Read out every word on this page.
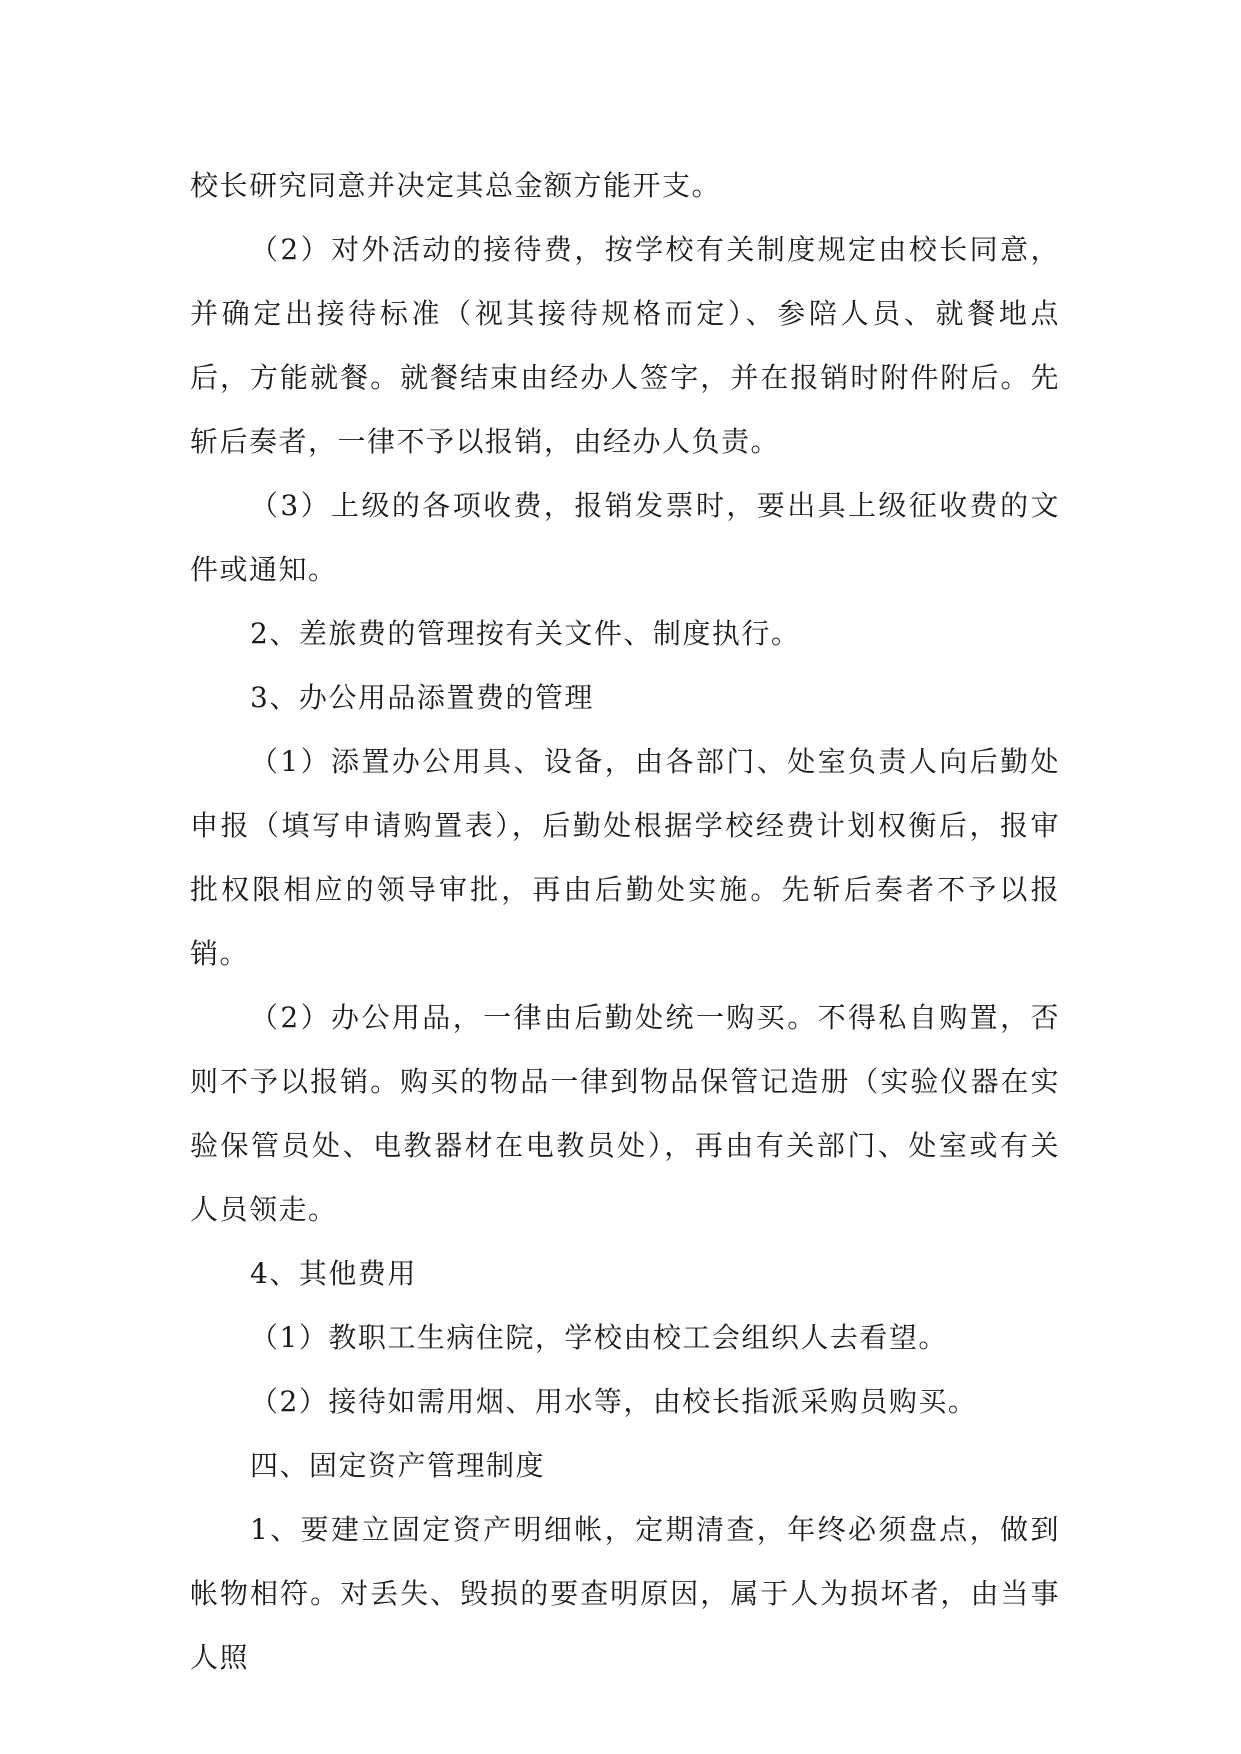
校长研究同意并决定其总金额方能开支。

（2）对外活动的接待费，按学校有关制度规定由校长同意，并确定出接待标准（视其接待规格而定）、参陪人员、就餐地点后，方能就餐。就餐结束由经办人签字，并在报销时附件附后。先斩后奏者，一律不予以报销，由经办人负责。

（3）上级的各项收费，报销发票时，要出具上级征收费的文件或通知。

2、差旅费的管理按有关文件、制度执行。

3、办公用品添置费的管理

（1）添置办公用具、设备，由各部门、处室负责人向后勤处申报（填写申请购置表），后勤处根据学校经费计划权衡后，报审批权限相应的领导审批，再由后勤处实施。先斩后奏者不予以报销。

（2）办公用品，一律由后勤处统一购买。不得私自购置，否则不予以报销。购买的物品一律到物品保管记造册（实验仪器在实验保管员处、电教器材在电教员处），再由有关部门、处室或有关人员领走。

4、其他费用

（1）教职工生病住院，学校由校工会组织人去看望。

（2）接待如需用烟、用水等，由校长指派采购员购买。

四、固定资产管理制度

1、要建立固定资产明细帐，定期清查，年终必须盘点，做到帐物相符。对丢失、毁损的要查明原因，属于人为损坏者，由当事人照
